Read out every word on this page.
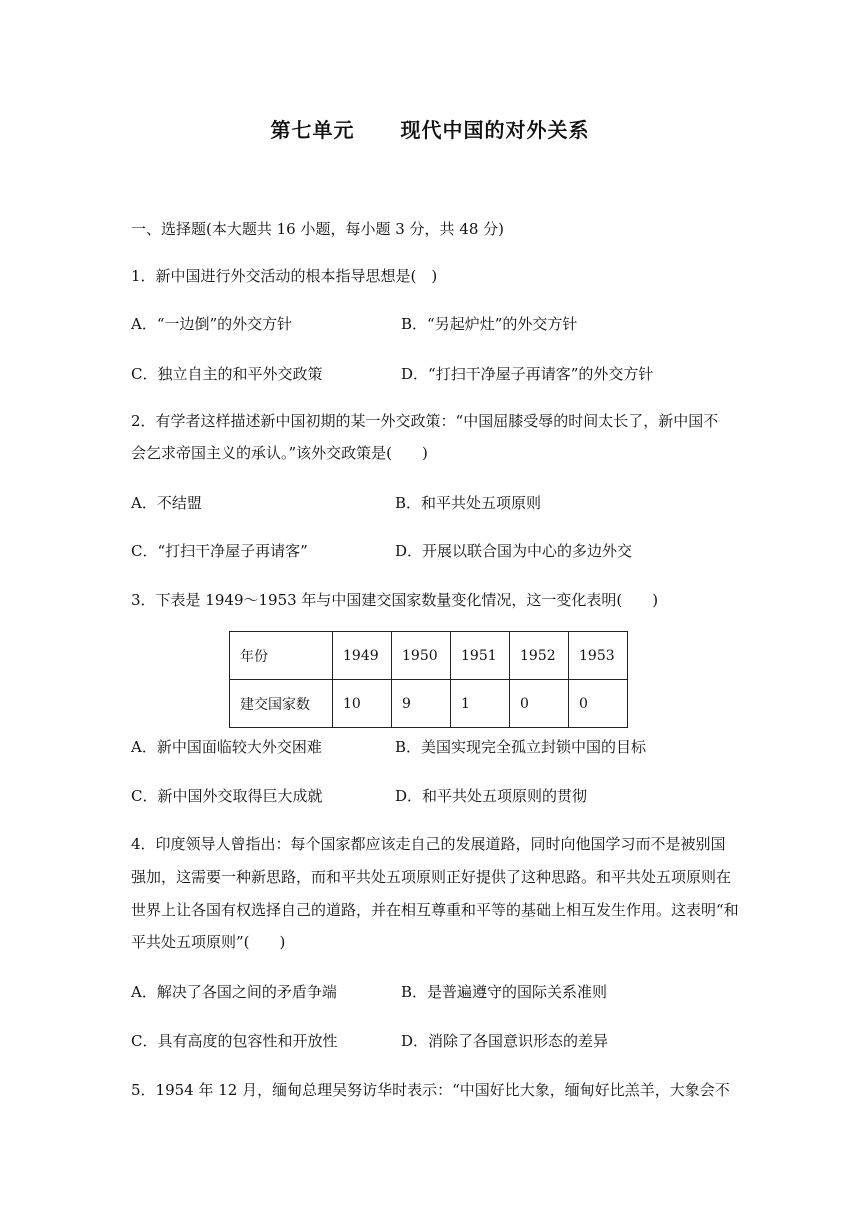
第七单元 现代中国的对外关系
一、选择题(本大题共 16 小题，每小题 3 分，共 48 分)
1．新中国进行外交活动的根本指导思想是(　)
A．“一边倒”的外交方针	B．“另起炉灶”的外交方针
C．独立自主的和平外交政策	D．“打扫干净屋子再请客”的外交方针
2．有学者这样描述新中国初期的某一外交政策：“中国屈膝受辱的时间太长了，新中国不
会乞求帝国主义的承认。”该外交政策是(　　)
A．不结盟	B．和平共处五项原则
C．“打扫干净屋子再请客”	D．开展以联合国为中心的多边外交
3．下表是 1949～1953 年与中国建交国家数量变化情况，这一变化表明(　　)
年份	1949	1950	1951	1952	1953
建交国家数	10	9	1	0	0
A．新中国面临较大外交困难	B．美国实现完全孤立封锁中国的目标
C．新中国外交取得巨大成就	D．和平共处五项原则的贯彻
4．印度领导人曾指出：每个国家都应该走自己的发展道路，同时向他国学习而不是被别国
强加，这需要一种新思路，而和平共处五项原则正好提供了这种思路。和平共处五项原则在
世界上让各国有权选择自己的道路，并在相互尊重和平等的基础上相互发生作用。这表明“和
平共处五项原则”(　　)
A．解决了各国之间的矛盾争端	B．是普遍遵守的国际关系准则
C．具有高度的包容性和开放性	D．消除了各国意识形态的差异
5．1954 年 12 月，缅甸总理吴努访华时表示：“中国好比大象，缅甸好比羔羊，大象会不
